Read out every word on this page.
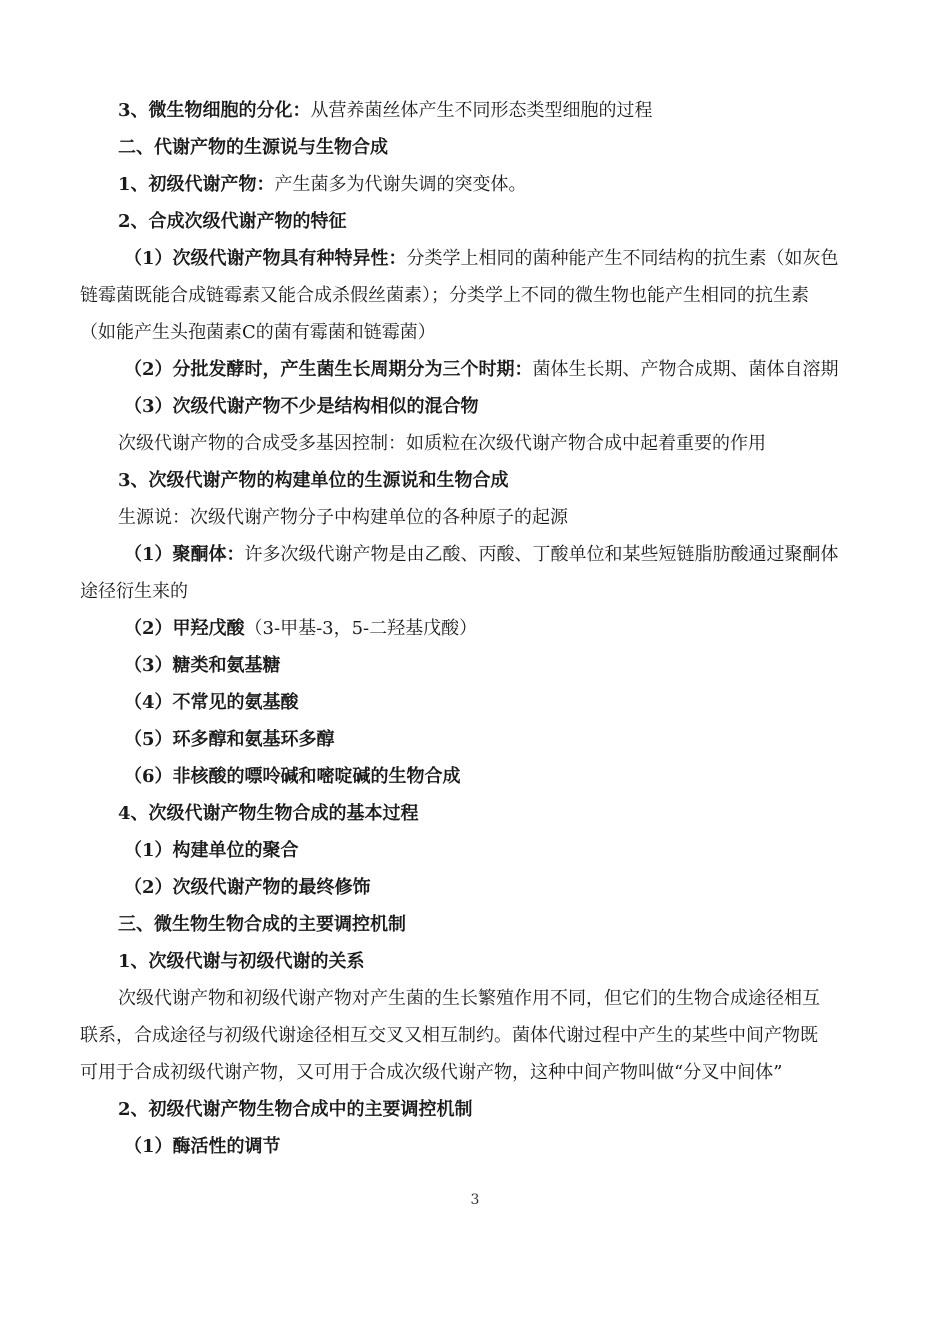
3、微生物细胞的分化：从营养菌丝体产生不同形态类型细胞的过程
二、代谢产物的生源说与生物合成
1、初级代谢产物：产生菌多为代谢失调的突变体。
2、合成次级代谢产物的特征
（1）次级代谢产物具有种特异性：分类学上相同的菌种能产生不同结构的抗生素（如灰色
链霉菌既能合成链霉素又能合成杀假丝菌素）；分类学上不同的微生物也能产生相同的抗生素
（如能产生头孢菌素C的菌有霉菌和链霉菌）
（2）分批发酵时，产生菌生长周期分为三个时期：菌体生长期、产物合成期、菌体自溶期
（3）次级代谢产物不少是结构相似的混合物
次级代谢产物的合成受多基因控制：如质粒在次级代谢产物合成中起着重要的作用
3、次级代谢产物的构建单位的生源说和生物合成
生源说：次级代谢产物分子中构建单位的各种原子的起源
（1）聚酮体：许多次级代谢产物是由乙酸、丙酸、丁酸单位和某些短链脂肪酸通过聚酮体
途径衍生来的
（2）甲羟戊酸（3-甲基-3，5-二羟基戊酸）
（3）糖类和氨基糖
（4）不常见的氨基酸
（5）环多醇和氨基环多醇
（6）非核酸的嘌呤碱和嘧啶碱的生物合成
4、次级代谢产物生物合成的基本过程
（1）构建单位的聚合
（2）次级代谢产物的最终修饰
三、微生物生物合成的主要调控机制
1、次级代谢与初级代谢的关系
次级代谢产物和初级代谢产物对产生菌的生长繁殖作用不同，但它们的生物合成途径相互
联系，合成途径与初级代谢途径相互交叉又相互制约。菌体代谢过程中产生的某些中间产物既
可用于合成初级代谢产物，又可用于合成次级代谢产物，这种中间产物叫做“分叉中间体”
2、初级代谢产物生物合成中的主要调控机制
（1）酶活性的调节
3
